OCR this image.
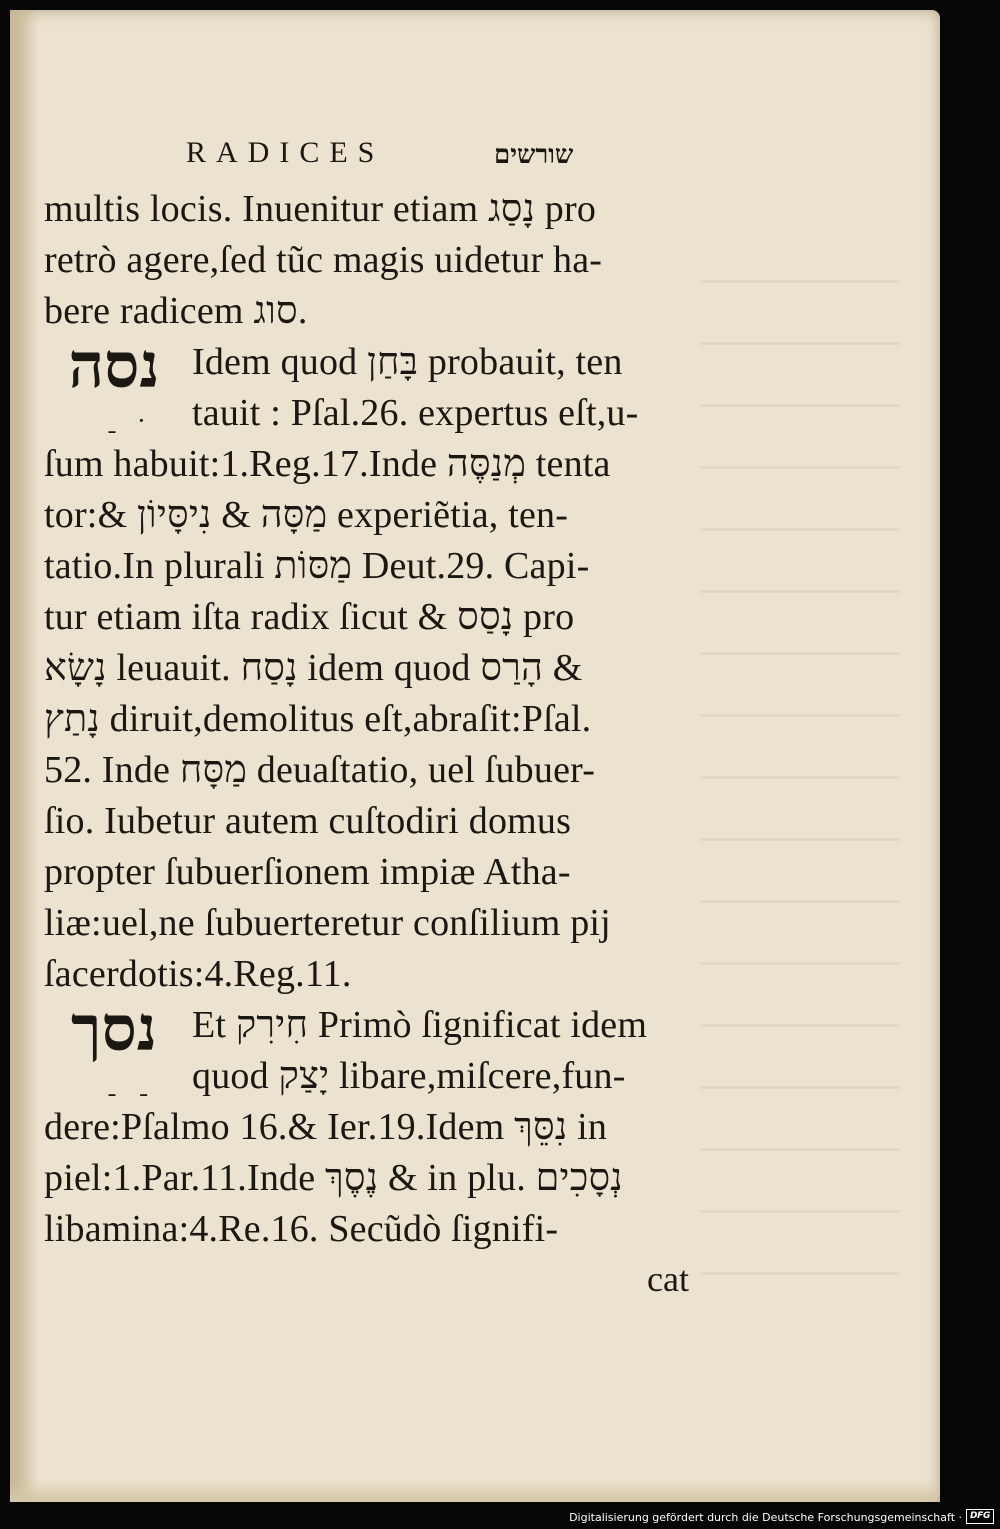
RADICES	שורשים
multis locis. Inuenitur etiam נָסַג pro
retrò agere,ſed tũc magis uidetur ha-
bere radicem סוג.
נסה
ˍ ·
Idem quod בָּחַן probauit, ten
tauit : Pſal.26. expertus eſt,u-
ſum habuit:1.Reg.17.Inde מְנַסֶּה tenta
tor:& מַסָּה & נִיסָּיוֹן experiẽtia, ten-
tatio.In plurali מַסּוֹת Deut.29. Capi-
tur etiam iſta radix ſicut & נָסַס pro
נָשָׂא leuauit. נָסַח idem quod הָרַס &
נָתַץ diruit,demolitus eſt,abraſit:Pſal.
52. Inde מַסָּח deuaſtatio, uel ſubuer-
ſio. Iubetur autem cuſtodiri domus
propter ſubuerſionem impiæ Atha-
liæ:uel,ne ſubuerteretur conſilium pij
ſacerdotis:4.Reg.11.
נסך
ˍ ˍ
Et חִירִק Primò ſignificat idem
quod יָצַק libare,miſcere,fun-
dere:Pſalmo 16.& Ier.19.Idem נִסֵּךְ in
piel:1.Par.11.Inde נֶסֶךְ & in plu. נְסָכִים
libamina:4.Re.16. Secũdò ſignifi-
cat
Digitalisierung gefördert durch die Deutsche Forschungsgemeinschaft · DFG
